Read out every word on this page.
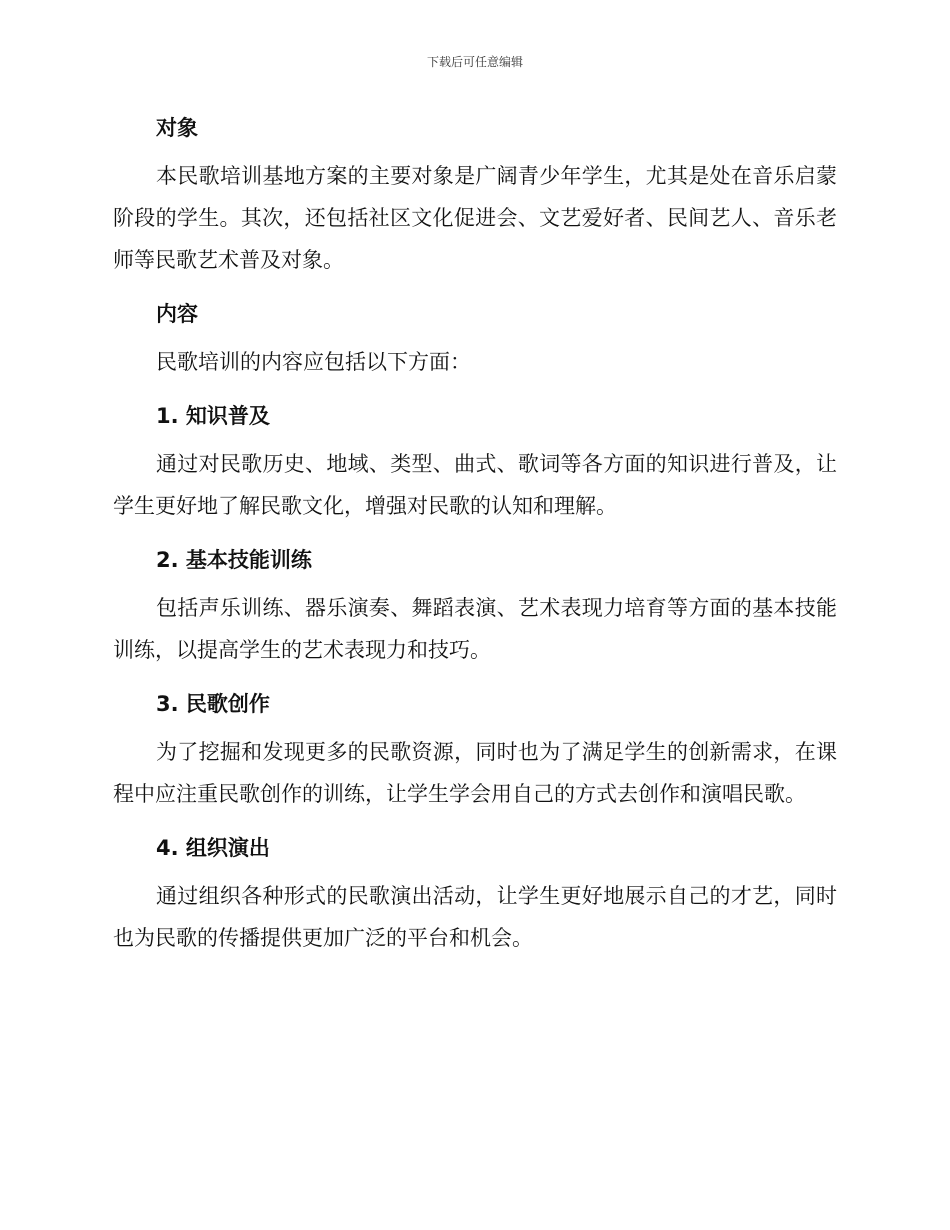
下载后可任意编辑
对象

本民歌培训基地方案的主要对象是广阔青少年学生，尤其是处在音乐启蒙阶段的学生。其次，还包括社区文化促进会、文艺爱好者、民间艺人、音乐老师等民歌艺术普及对象。

内容

民歌培训的内容应包括以下方面：

1. 知识普及

通过对民歌历史、地域、类型、曲式、歌词等各方面的知识进行普及，让学生更好地了解民歌文化，增强对民歌的认知和理解。

2. 基本技能训练

包括声乐训练、器乐演奏、舞蹈表演、艺术表现力培育等方面的基本技能训练，以提高学生的艺术表现力和技巧。

3. 民歌创作

为了挖掘和发现更多的民歌资源，同时也为了满足学生的创新需求，在课程中应注重民歌创作的训练，让学生学会用自己的方式去创作和演唱民歌。

4. 组织演出

通过组织各种形式的民歌演出活动，让学生更好地展示自己的才艺，同时也为民歌的传播提供更加广泛的平台和机会。
